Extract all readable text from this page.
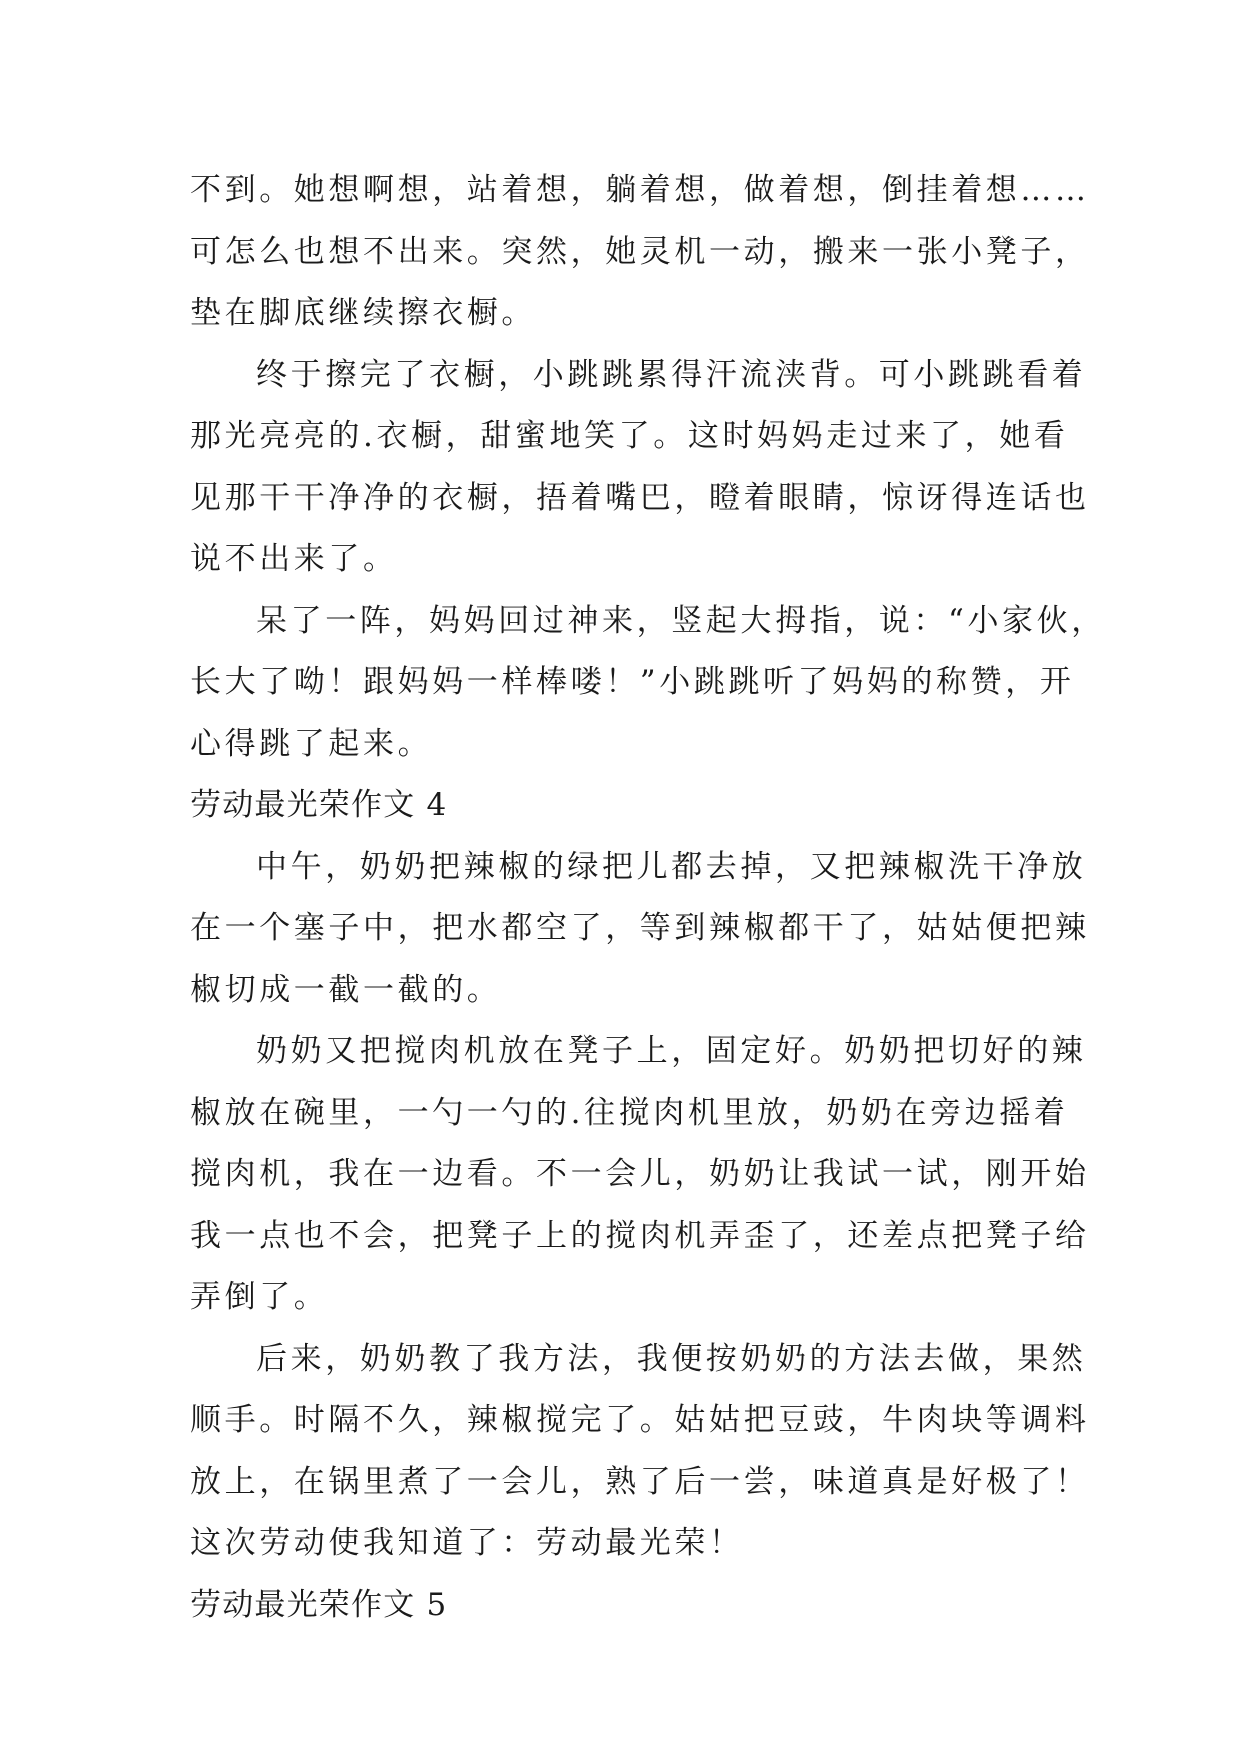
不到。她想啊想，站着想，躺着想，做着想，倒挂着想……
可怎么也想不出来。突然，她灵机一动，搬来一张小凳子，
垫在脚底继续擦衣橱。
终于擦完了衣橱，小跳跳累得汗流浃背。可小跳跳看着
那光亮亮的.衣橱，甜蜜地笑了。这时妈妈走过来了，她看
见那干干净净的衣橱，捂着嘴巴，瞪着眼睛，惊讶得连话也
说不出来了。
呆了一阵，妈妈回过神来，竖起大拇指，说：“小家伙，
长大了呦！跟妈妈一样棒喽！”小跳跳听了妈妈的称赞，开
心得跳了起来。
劳动最光荣作文 4
中午，奶奶把辣椒的绿把儿都去掉，又把辣椒洗干净放
在一个塞子中，把水都空了，等到辣椒都干了，姑姑便把辣
椒切成一截一截的。
奶奶又把搅肉机放在凳子上，固定好。奶奶把切好的辣
椒放在碗里，一勺一勺的.往搅肉机里放，奶奶在旁边摇着
搅肉机，我在一边看。不一会儿，奶奶让我试一试，刚开始
我一点也不会，把凳子上的搅肉机弄歪了，还差点把凳子给
弄倒了。
后来，奶奶教了我方法，我便按奶奶的方法去做，果然
顺手。时隔不久，辣椒搅完了。姑姑把豆豉，牛肉块等调料
放上，在锅里煮了一会儿，熟了后一尝，味道真是好极了！
这次劳动使我知道了：劳动最光荣！
劳动最光荣作文 5
